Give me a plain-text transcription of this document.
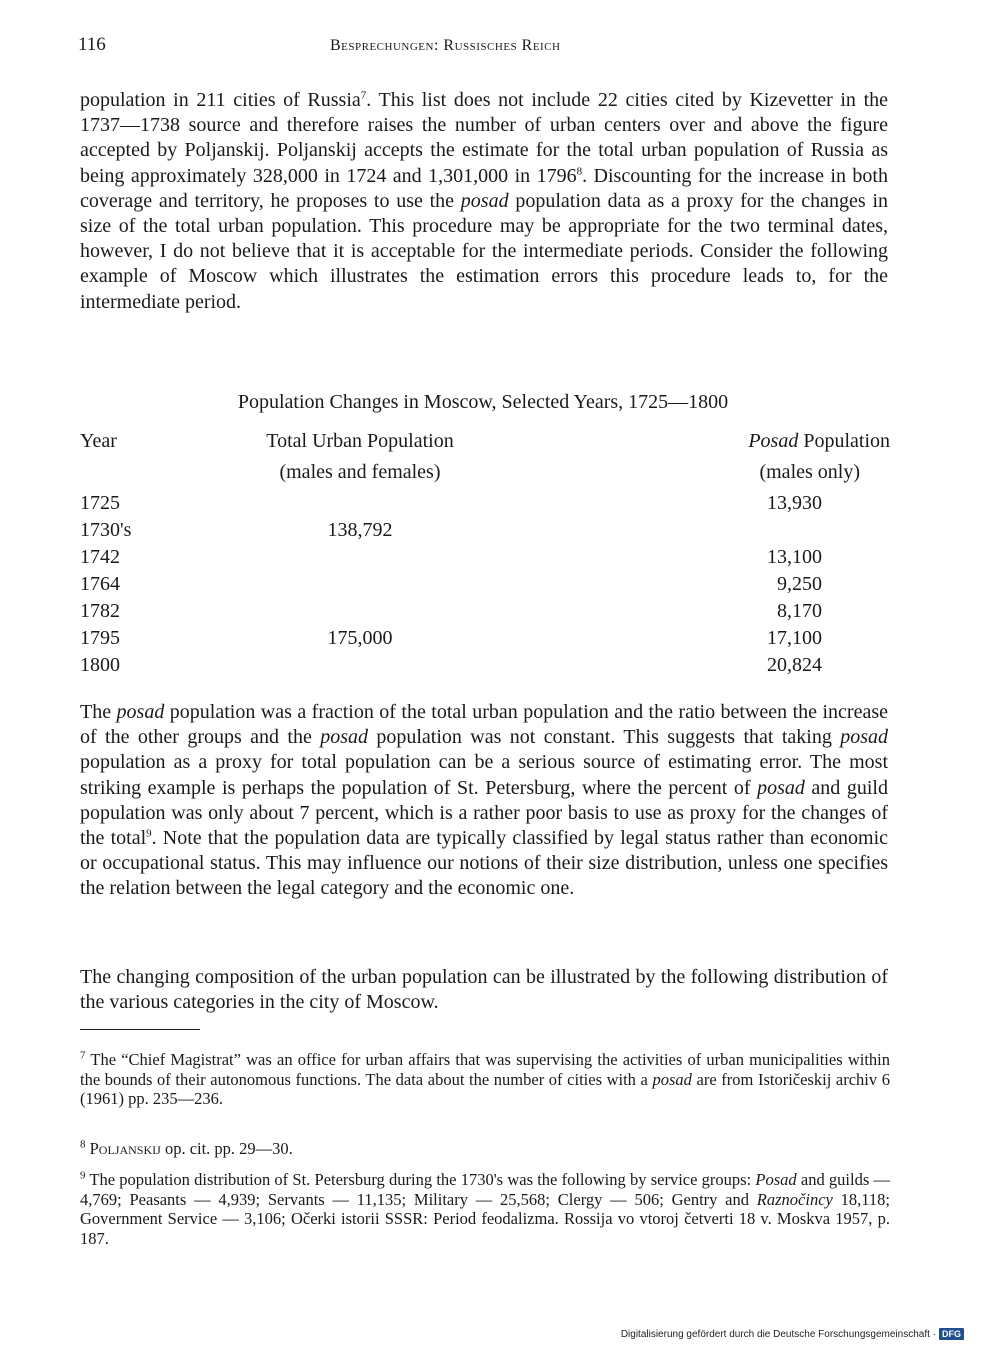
116	Besprechungen: Russisches Reich

population in 211 cities of Russia$^7$. This list does not include 22 cities cited by Kizevetter in the 1737—1738 source and therefore raises the number of urban centers over and above the figure accepted by Poljanskij. Poljanskij accepts the estimate for the total urban population of Russia as being approximately 328,000 in 1724 and 1,301,000 in 1796$^8$. Discounting for the increase in both coverage and territory, he proposes to use the posad population data as a proxy for the changes in size of the total urban population. This procedure may be appropriate for the two terminal dates, however, I do not believe that it is acceptable for the intermediate periods. Consider the following example of Moscow which illustrates the estimation errors this procedure leads to, for the intermediate period.

Population Changes in Moscow, Selected Years, 1725—1800
Year	Total Urban Population	Posad Population
	(males and females)	(males only)
1725		13,930
1730's	138,792	
1742		13,100
1764		9,250
1782		8,170
1795	175,000	17,100
1800		20,824

The posad population was a fraction of the total urban population and the ratio between the increase of the other groups and the posad population was not constant. This suggests that taking posad population as a proxy for total population can be a serious source of estimating error. The most striking example is perhaps the population of St. Petersburg, where the percent of posad and guild population was only about 7 percent, which is a rather poor basis to use as proxy for the changes of the total$^9$. Note that the population data are typically classified by legal status rather than economic or occupational status. This may influence our notions of their size distribution, unless one specifies the relation between the legal category and the economic one.

The changing composition of the urban population can be illustrated by the following distribution of the various categories in the city of Moscow.

$^7$ The “Chief Magistrat” was an office for urban affairs that was supervising the activities of urban municipalities within the bounds of their autonomous functions. The data about the number of cities with a posad are from Istoričeskij archiv 6 (1961) pp. 235—236.

$^8$ Poljanskij op. cit. pp. 29—30.

$^9$ The population distribution of St. Petersburg during the 1730's was the following by service groups: Posad and guilds — 4,769; Peasants — 4,939; Servants — 11,135; Military — 25,568; Clergy — 506; Gentry and Raznočincy 18,118; Government Service — 3,106; Očerki istorii SSSR: Period feodalizma. Rossija vo vtoroj četverti 18 v. Moskva 1957, p. 187.

Digitalisierung gefördert durch die Deutsche Forschungsgemeinschaft · DFG
